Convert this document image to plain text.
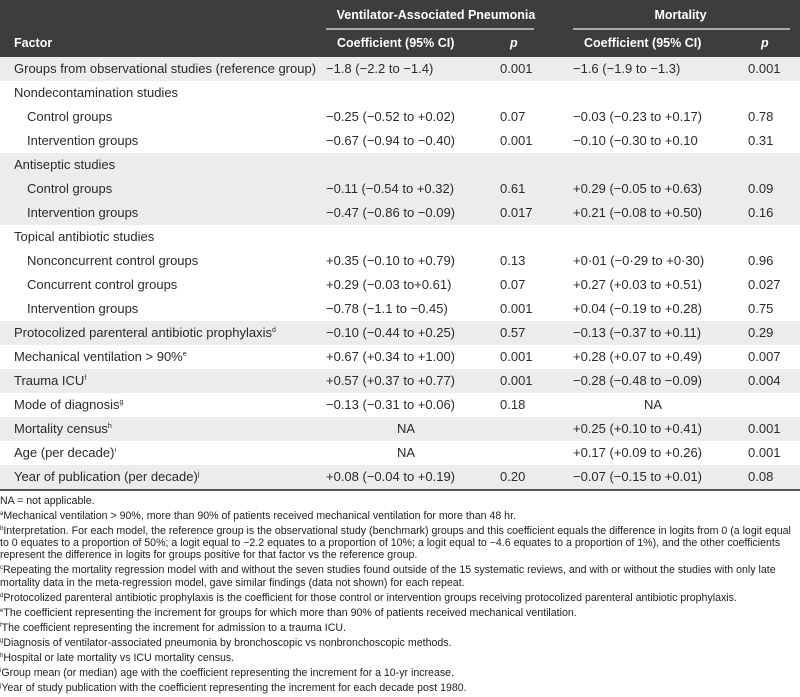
Factor
Ventilator-Associated Pneumonia	Mortality
Coefficient (95% CI)	p	Coefficient (95% CI)	p
Groups from observational studies (reference group) −1.8 (−2.2 to −1.4)	0.001	−1.6 (−1.9 to −1.3)	0.001
Nondecontamination studies
Control groups	−0.25 (−0.52 to +0.02)	0.07	−0.03 (−0.23 to +0.17)	0.78
Intervention groups	−0.67 (−0.94 to −0.40)	0.001	−0.10 (−0.30 to +0.10	0.31
Antiseptic studies
Control groups	−0.11 (−0.54 to +0.32)	0.61	+0.29 (−0.05 to +0.63)	0.09
Intervention groups	−0.47 (−0.86 to −0.09)	0.017	+0.21 (−0.08 to +0.50)	0.16
Topical antibiotic studies
Nonconcurrent control groups	+0.35 (−0.10 to +0.79)	0.13	+0·01 (−0·29 to +0·30)	0.96
Concurrent control groups	+0.29 (−0.03 to+0.61)	0.07	+0.27 (+0.03 to +0.51)	0.027
Intervention groups	−0.78 (−1.1 to −0.45)	0.001	+0.04 (−0.19 to +0.28)	0.75
Protocolized parenteral antibiotic prophylaxis$^d$	−0.10 (−0.44 to +0.25)	0.57	−0.13 (−0.37 to +0.11)	0.29
Mechanical ventilation > 90%$^e$	+0.67 (+0.34 to +1.00)	0.001	+0.28 (+0.07 to +0.49)	0.007
Trauma $ICU^f$	+0.57 (+0.37 to +0.77)	0.001	−0.28 (−0.48 to −0.09)	0.004
Mode of diagnosis$^g$	−0.13 (−0.31 to +0.06)	0.18	NA
Mortality census$^h$	NA	+0.25 (+0.10 to +0.41)	0.001
Age (per decade)$^i$	NA	+0.17 (+0.09 to +0.26)	0.001
Year of publication (per decade)$^j$	+0.08 (−0.04 to +0.19)	0.20	−0.07 (−0.15 to +0.01)	0.08
NA = not applicable.
$^a$Mechanical ventilation > 90%, more than 90% of patients received mechanical ventilation for more than 48 hr.
$^b$Interpretation. For each model, the reference group is the observational study (benchmark) groups and this coefficient equals the difference in logits from 0 (a logit equal to 0 equates to a proportion of 50%; a logit equal to −2.2 equates to a proportion of 10%; a logit equal to −4.6 equates to a proportion of 1%), and the other coefficients represent the difference in logits for groups positive for that factor vs the reference group.
$^c$Repeating the mortality regression model with and without the seven studies found outside of the 15 systematic reviews, and with or without the studies with only late mortality data in the meta-regression model, gave similar findings (data not shown) for each repeat.
$^d$Protocolized parenteral antibiotic prophylaxis is the coefficient for those control or intervention groups receiving protocolized parenteral antibiotic prophylaxis.
$^e$The coefficient representing the increment for groups for which more than 90% of patients received mechanical ventilation.
$^f$The coefficient representing the increment for admission to a trauma ICU.
$^g$Diagnosis of ventilator-associated pneumonia by bronchoscopic vs nonbronchoscopic methods.
$^h$Hospital or late mortality vs ICU mortality census.
$^i$Group mean (or median) age with the coefficient representing the increment for a 10-yr increase.
$^j$Year of study publication with the coefficient representing the increment for each decade post 1980.
